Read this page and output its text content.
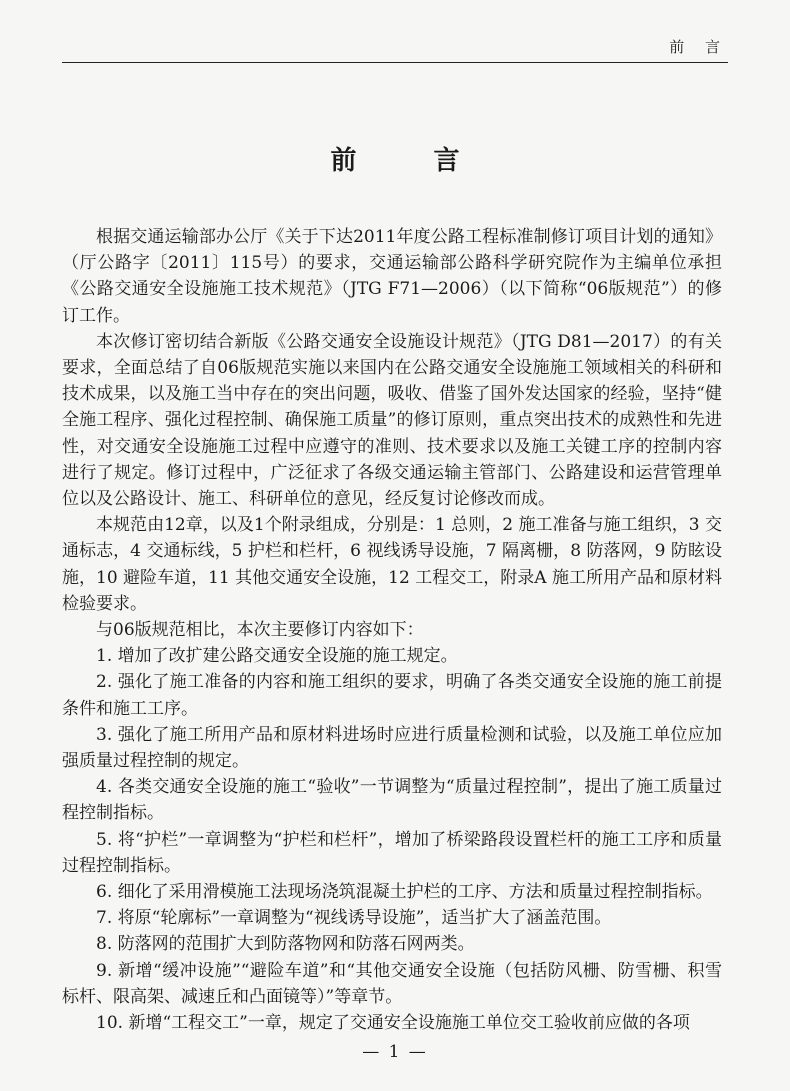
前 言
前 言

根据交通运输部办公厅《关于下达2011年度公路工程标准制修订项目计划的通知》（厅公路字〔2011〕115号）的要求，交通运输部公路科学研究院作为主编单位承担《公路交通安全设施施工技术规范》（JTG F71—2006）（以下简称“06版规范”）的修订工作。

本次修订密切结合新版《公路交通安全设施设计规范》（JTG D81—2017）的有关要求，全面总结了自06版规范实施以来国内在公路交通安全设施施工领域相关的科研和技术成果，以及施工当中存在的突出问题，吸收、借鉴了国外发达国家的经验，坚持“健全施工程序、强化过程控制、确保施工质量”的修订原则，重点突出技术的成熟性和先进性，对交通安全设施施工过程中应遵守的准则、技术要求以及施工关键工序的控制内容进行了规定。修订过程中，广泛征求了各级交通运输主管部门、公路建设和运营管理单位以及公路设计、施工、科研单位的意见，经反复讨论修改而成。

本规范由12章，以及1个附录组成，分别是：1 总则，2 施工准备与施工组织，3 交通标志，4 交通标线，5 护栏和栏杆，6 视线诱导设施，7 隔离栅，8 防落网，9 防眩设施，10 避险车道，11 其他交通安全设施，12 工程交工，附录A 施工所用产品和原材料检验要求。

与06版规范相比，本次主要修订内容如下：

1. 增加了改扩建公路交通安全设施的施工规定。

2. 强化了施工准备的内容和施工组织的要求，明确了各类交通安全设施的施工前提条件和施工工序。

3. 强化了施工所用产品和原材料进场时应进行质量检测和试验，以及施工单位应加强质量过程控制的规定。

4. 各类交通安全设施的施工“验收”一节调整为“质量过程控制”，提出了施工质量过程控制指标。

5. 将“护栏”一章调整为“护栏和栏杆”，增加了桥梁路段设置栏杆的施工工序和质量过程控制指标。

6. 细化了采用滑模施工法现场浇筑混凝土护栏的工序、方法和质量过程控制指标。

7. 将原“轮廓标”一章调整为“视线诱导设施”，适当扩大了涵盖范围。

8. 防落网的范围扩大到防落物网和防落石网两类。

9. 新增“缓冲设施”“避险车道”和“其他交通安全设施（包括防风栅、防雪栅、积雪标杆、限高架、减速丘和凸面镜等）”等章节。

10. 新增“工程交工”一章，规定了交通安全设施施工单位交工验收前应做的各项

— 1 —
